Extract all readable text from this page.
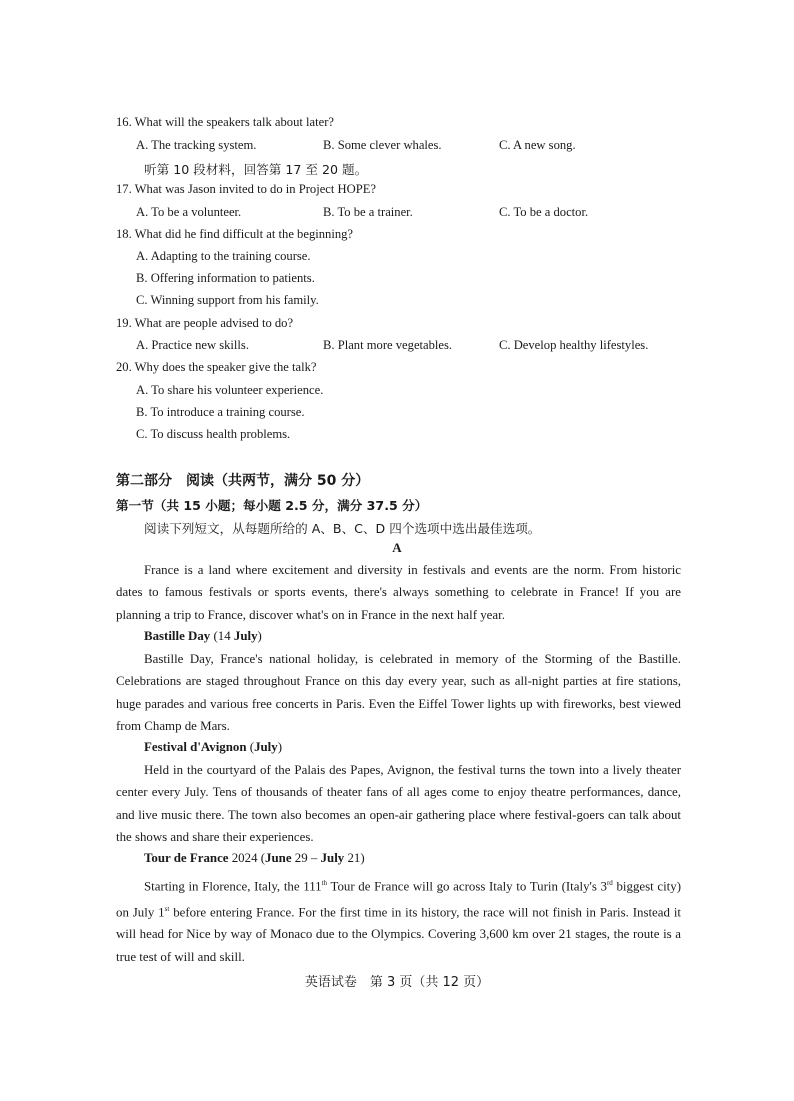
16. What will the speakers talk about later?
A. The tracking system.	B. Some clever whales.	C. A new song.
听第 10 段材料，回答第 17 至 20 题。
17. What was Jason invited to do in Project HOPE?
A. To be a volunteer.	B. To be a trainer.	C. To be a doctor.
18. What did he find difficult at the beginning?
A. Adapting to the training course.
B. Offering information to patients.
C. Winning support from his family.
19. What are people advised to do?
A. Practice new skills.	B. Plant more vegetables.	C. Develop healthy lifestyles.
20. Why does the speaker give the talk?
A. To share his volunteer experience.
B. To introduce a training course.
C. To discuss health problems.
第二部分　阅读（共两节，满分 50 分）
第一节（共 15 小题；每小题 2.5 分，满分 37.5 分）
阅读下列短文，从每题所给的 A、B、C、D 四个选项中选出最佳选项。
A
France is a land where excitement and diversity in festivals and events are the norm. From historic dates to famous festivals or sports events, there's always something to celebrate in France! If you are planning a trip to France, discover what's on in France in the next half year.
Bastille Day (14 July)
Bastille Day, France's national holiday, is celebrated in memory of the Storming of the Bastille. Celebrations are staged throughout France on this day every year, such as all-night parties at fire stations, huge parades and various free concerts in Paris. Even the Eiffel Tower lights up with fireworks, best viewed from Champ de Mars.
Festival d'Avignon (July)
Held in the courtyard of the Palais des Papes, Avignon, the festival turns the town into a lively theater center every July. Tens of thousands of theater fans of all ages come to enjoy theatre performances, dance, and live music there. The town also becomes an open-air gathering place where festival-goers can talk about the shows and share their experiences.
Tour de France 2024 (June 29 – July 21)
Starting in Florence, Italy, the 111th Tour de France will go across Italy to Turin (Italy's 3rd biggest city) on July 1st before entering France. For the first time in its history, the race will not finish in Paris. Instead it will head for Nice by way of Monaco due to the Olympics. Covering 3,600 km over 21 stages, the route is a true test of will and skill.
英语试卷　第 3 页（共 12 页）
